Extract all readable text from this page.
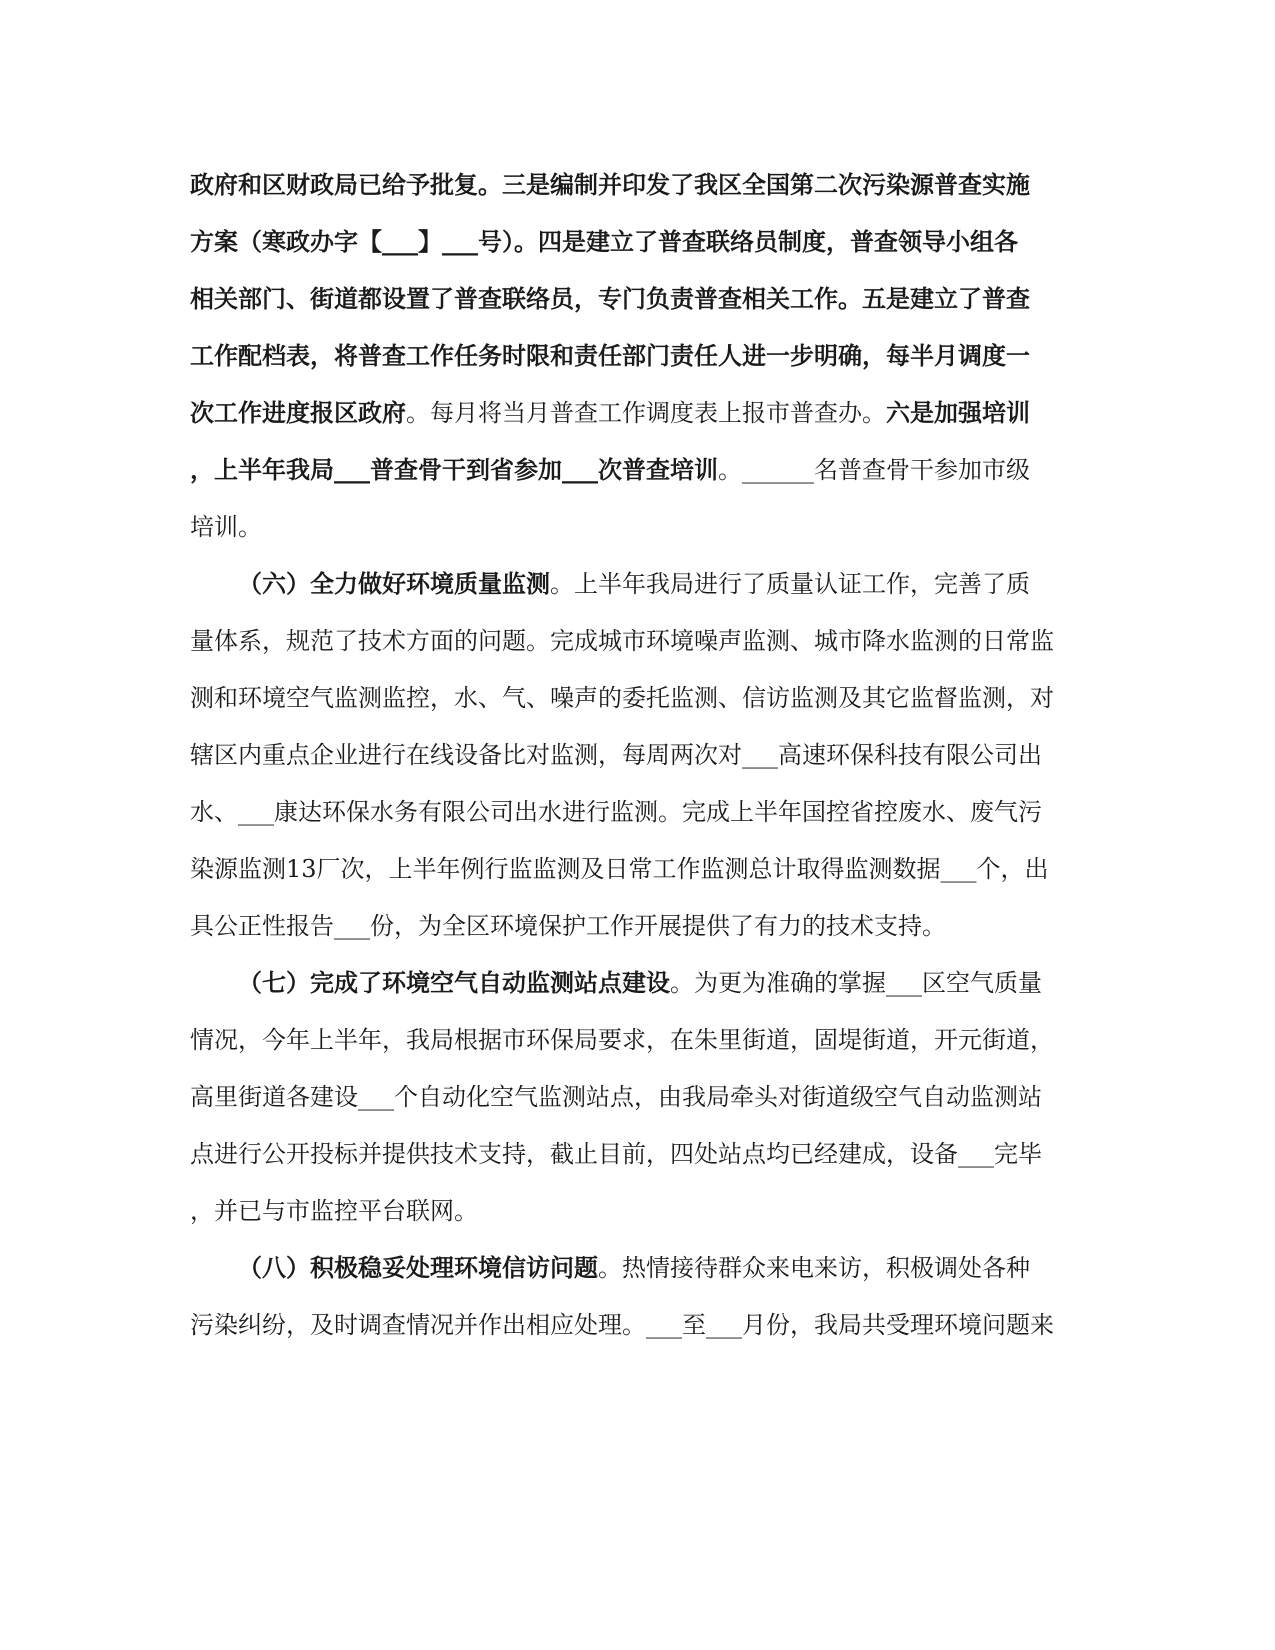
政府和区财政局已给予批复。三是编制并印发了我区全国第二次污染源普查实施
方案（寒政办字【___】___号）。四是建立了普查联络员制度，普查领导小组各
相关部门、街道都设置了普查联络员，专门负责普查相关工作。五是建立了普查
工作配档表，将普查工作任务时限和责任部门责任人进一步明确，每半月调度一
次工作进度报区政府。每月将当月普查工作调度表上报市普查办。六是加强培训
，上半年我局___普查骨干到省参加___次普查培训。______名普查骨干参加市级
培训。
（六）全力做好环境质量监测。上半年我局进行了质量认证工作，完善了质
量体系，规范了技术方面的问题。完成城市环境噪声监测、城市降水监测的日常监
测和环境空气监测监控，水、气、噪声的委托监测、信访监测及其它监督监测，对
辖区内重点企业进行在线设备比对监测，每周两次对___高速环保科技有限公司出
水、___康达环保水务有限公司出水进行监测。完成上半年国控省控废水、废气污
染源监测13厂次，上半年例行监监测及日常工作监测总计取得监测数据___个，出
具公正性报告___份，为全区环境保护工作开展提供了有力的技术支持。
（七）完成了环境空气自动监测站点建设。为更为准确的掌握___区空气质量
情况，今年上半年，我局根据市环保局要求，在朱里街道，固堤街道，开元街道，
高里街道各建设___个自动化空气监测站点，由我局牵头对街道级空气自动监测站
点进行公开投标并提供技术支持，截止目前，四处站点均已经建成，设备___完毕
，并已与市监控平台联网。
（八）积极稳妥处理环境信访问题。热情接待群众来电来访，积极调处各种
污染纠纷，及时调查情况并作出相应处理。___至___月份，我局共受理环境问题来
